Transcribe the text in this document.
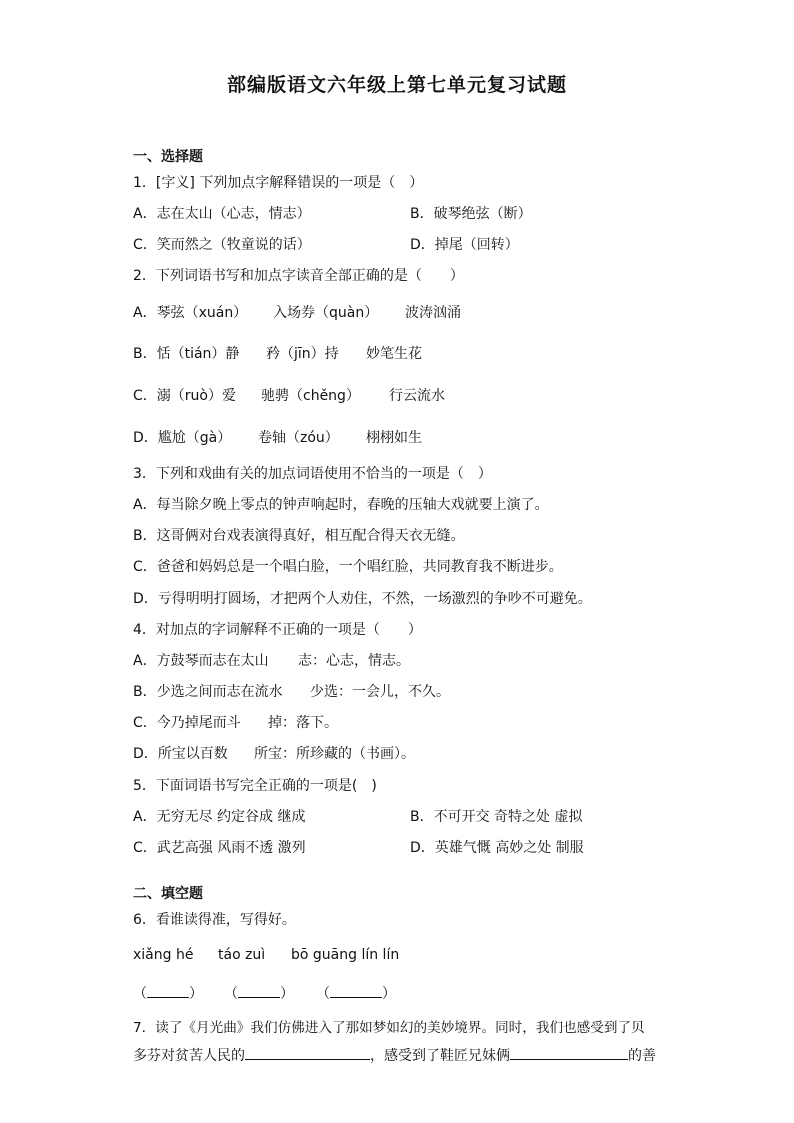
部编版语文六年级上第七单元复习试题
一、选择题
1．[字义] 下列加点字解释错误的一项是（　）
A．志在太山（心志，情志）	B．破琴绝弦（断）
C．笑而然之（牧童说的话）	D．掉尾（回转）
2．下列词语书写和加点字读音全部正确的是（　　）
A．琴弦（xuán） 入场券（quàn） 波涛汹涌
B．恬（tián）静 矜（jīn）持 妙笔生花
C．溺（ruò）爱 驰骋（chěng） 行云流水
D．尴尬（gà） 卷轴（zóu） 栩栩如生
3．下列和戏曲有关的加点词语使用不恰当的一项是（　）
A．每当除夕晚上零点的钟声响起时，春晚的压轴大戏就要上演了。
B．这哥俩对台戏表演得真好，相互配合得天衣无缝。
C．爸爸和妈妈总是一个唱白脸，一个唱红脸，共同教育我不断进步。
D．亏得明明打圆场，才把两个人劝住，不然，一场激烈的争吵不可避免。
4．对加点的字词解释不正确的一项是（　　）
A．方鼓琴而志在太山 志：心志，情志。
B．少选之间而志在流水 少选：一会儿，不久。
C．今乃掉尾而斗 掉：落下。
D．所宝以百数 所宝：所珍藏的（书画）。
5．下面词语书写完全正确的一项是(　)
A．无穷无尽 约定谷成 继成	B．不可开交 奇特之处 虚拟
C．武艺高强 风雨不透 激列	D．英雄气慨 高妙之处 制服
二、填空题
6．看谁读得准，写得好。
xiǎng hé táo zuì bō guāng lín lín
（	） （	） （	）
7．读了《月光曲》我们仿佛进入了那如梦如幻的美妙境界。同时，我们也感受到了贝
多芬对贫苦人民的	，感受到了鞋匠兄妹俩	的善
